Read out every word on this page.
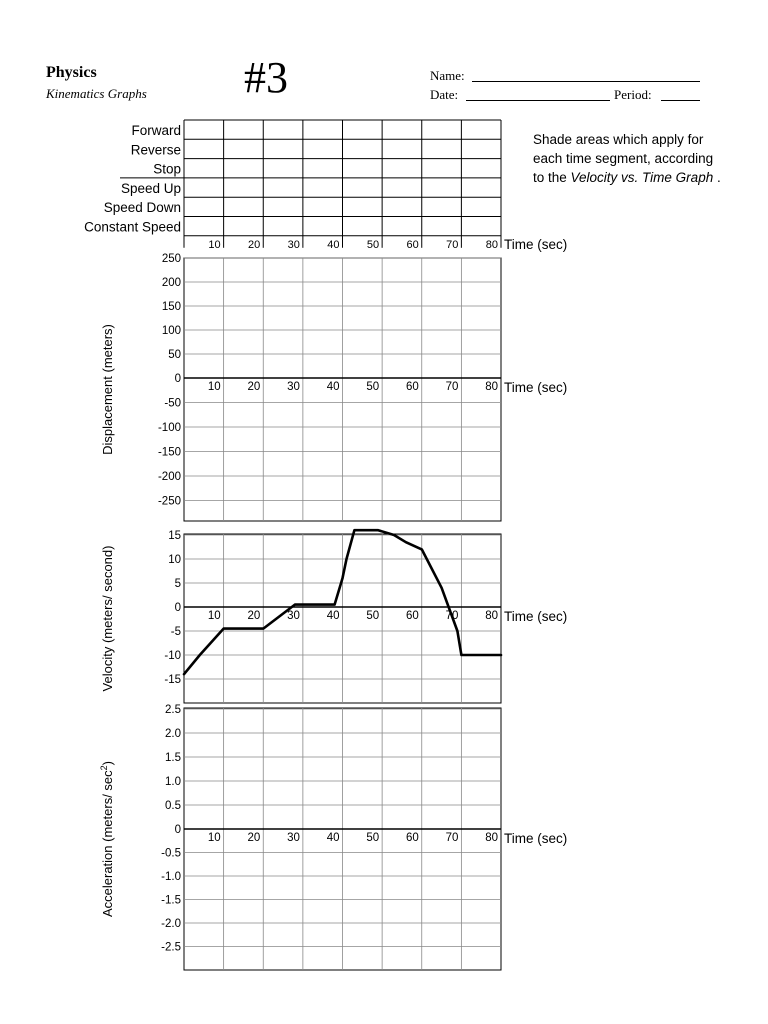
Physics
Kinematics Graphs #3	Name:
Date:	Period:
Shade areas which apply for each time segment, according to the Velocity vs. Time Graph .
Forward
Reverse
Stop
Speed Up
Speed Down
Constant Speed
10 20 30 40 50 60 70 80 Time (sec)
250
200
150
100
50
-50
-100
-150
-200
-250
0
10 20 30 40 50 60 70 80 Time (sec)
Displacement (meters)
15
10
5
-5
-10
-15
0
10 20 30 40 50 60 70 80 Time (sec)
Velocity (meters/ second)
2.5
2.0
1.5
1.0
0.5
-0.5
-1.0
-1.5
-2.0
-2.5
0
10 20 30 40 50 60 70 80 Time (sec)
Acceleration (meters/ $\sec^2$)
